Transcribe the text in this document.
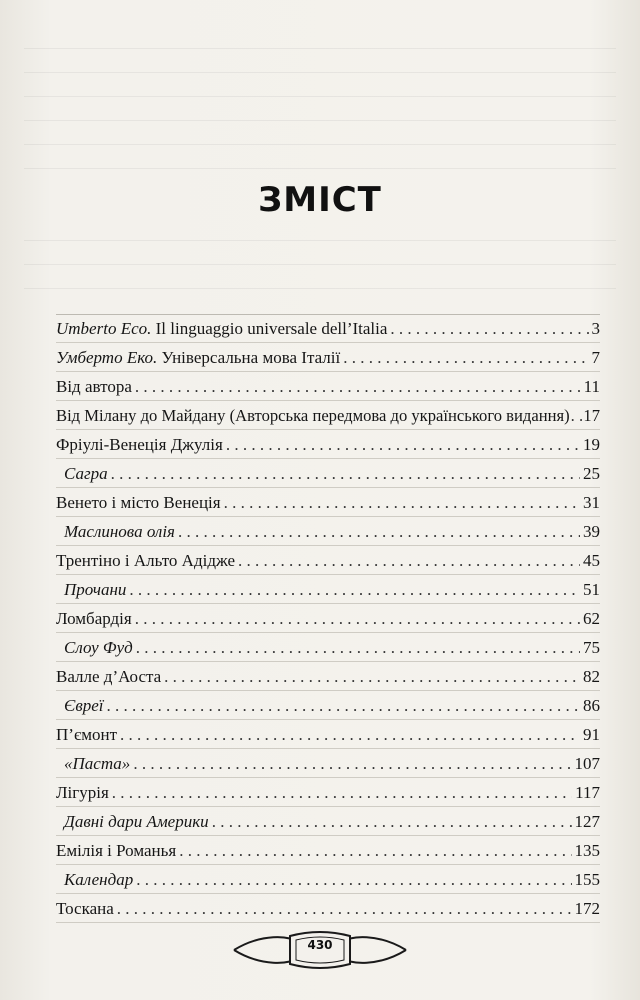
ЗМІСТ
Umberto Eco. Il linguaggio universale dell’Italia . . .	3
Умберто Еко. Універсальна мова Італії . . .	7
Від автора . . .	11
Від Мілану до Майдану (Авторська передмова до українського видання) . . . 17
Фріулі-Венеція Джулія . . .	19
Сагра . . .	25
Венето і місто Венеція . . .	31
Маслинова олія . . .	39
Трентіно і Альто Адідже . . .	45
Прочани . . .	51
Ломбардія . . .	62
Слоу Фуд . . .	75
Валле д’Аоста . . .	82
Євреї . . .	86
П’ємонт . . .	91
«Паста» . . .	107
Лігурія . . .	117
Давні дари Америки . . .	127
Емілія і Романья . . .	135
Календар . . .	155
Тоскана . . .	172
430
